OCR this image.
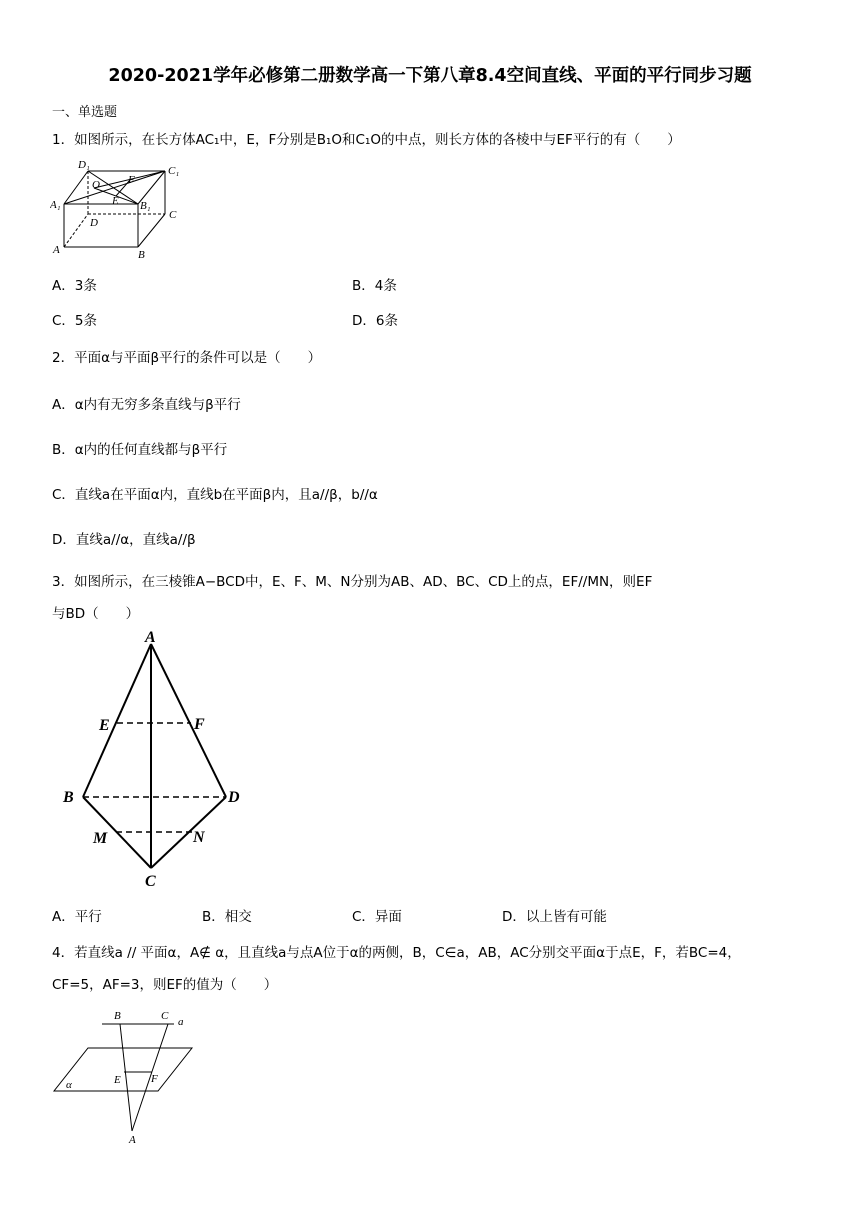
2020-2021学年必修第二册数学高一下第八章8.4空间直线、平面的平行同步习题
一、单选题
1．如图所示，在长方体AC₁中，E，F分别是B₁O和C₁O的中点，则长方体的各棱中与EF平行的有（　　）
D₁	C₁
O	F
A₁	E B₁
C
D
A	B
A．3条	B．4条
C．5条	D．6条
2．平面α与平面β平行的条件可以是（　　）
A．α内有无穷多条直线与β平行
B．α内的任何直线都与β平行
C．直线a在平面α内，直线b在平面β内，且a//β，b//α
D．直线a//α，直线a//β
3．如图所示，在三棱锥A−BCD中，E、F、M、N分别为AB、AD、BC、CD上的点，EF//MN，则EF
与BD（　　）
A
E	F
B	D
M	N
C
A．平行	B．相交	C．异面	D．以上皆有可能
4．若直线a // 平面α，A∉ α，且直线a与点A位于α的两侧，B，C∈a，AB，AC分别交平面α于点E，F，若BC=4，
CF=5，AF=3，则EF的值为（　　）
B	C a
E	F
α
A
